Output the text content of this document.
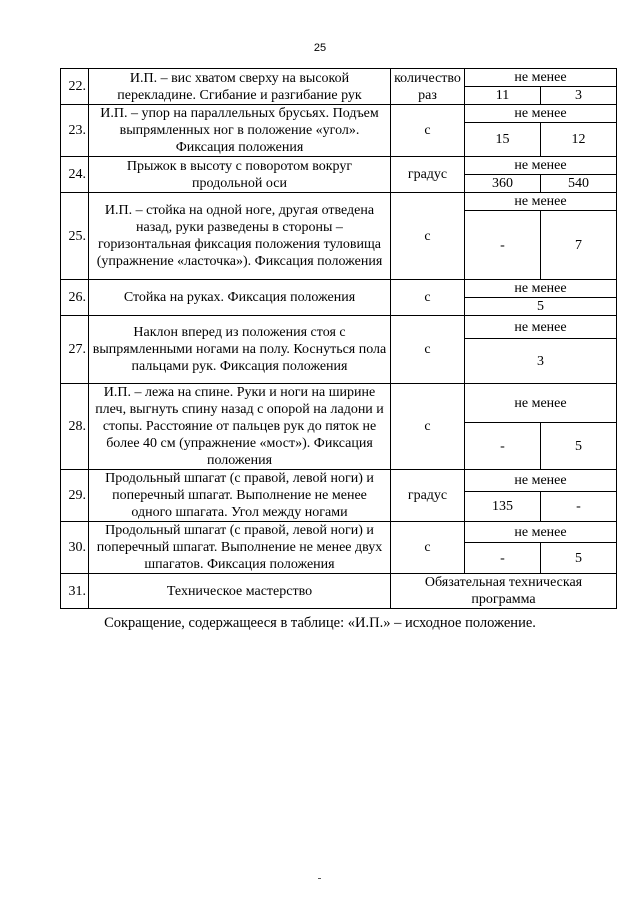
25
22.	И.П. – вис хватом сверху на высокой перекладине. Сгибание и разгибание рук	количество раз	не менее	
			11	3
23.	И.П. – упор на параллельных брусьях. Подъем выпрямленных ног в положение «угол». Фиксация положения	с	не менее	
			15	12
24.	Прыжок в высоту с поворотом вокруг продольной оси	градус	не менее	
			360	540
25.	И.П. – стойка на одной ноге, другая отведена назад, руки разведены в стороны – горизонтальная фиксация положения туловища (упражнение «ласточка»). Фиксация положения	с	не менее	
			-	7
26.	Стойка на руках. Фиксация положения	с	не менее	
			5	
27.	Наклон вперед из положения стоя с выпрямленными ногами на полу. Коснуться пола пальцами рук. Фиксация положения	с	не менее	
			3	
28.	И.П. – лежа на спине. Руки и ноги на ширине плеч, выгнуть спину назад с опорой на ладони и стопы. Расстояние от пальцев рук до пяток не более 40 см (упражнение «мост»). Фиксация положения	с	не менее	
			-	5
29.	Продольный шпагат (с правой, левой ноги) и поперечный шпагат. Выполнение не менее одного шпагата. Угол между ногами	градус	не менее	
			135	-
30.	Продольный шпагат (с правой, левой ноги) и поперечный шпагат. Выполнение не менее двух шпагатов. Фиксация положения	с	не менее	
			-	5
31.	Техническое мастерство	Обязательная техническая программа		
Сокращение, содержащееся в таблице: «И.П.» – исходное положение.
